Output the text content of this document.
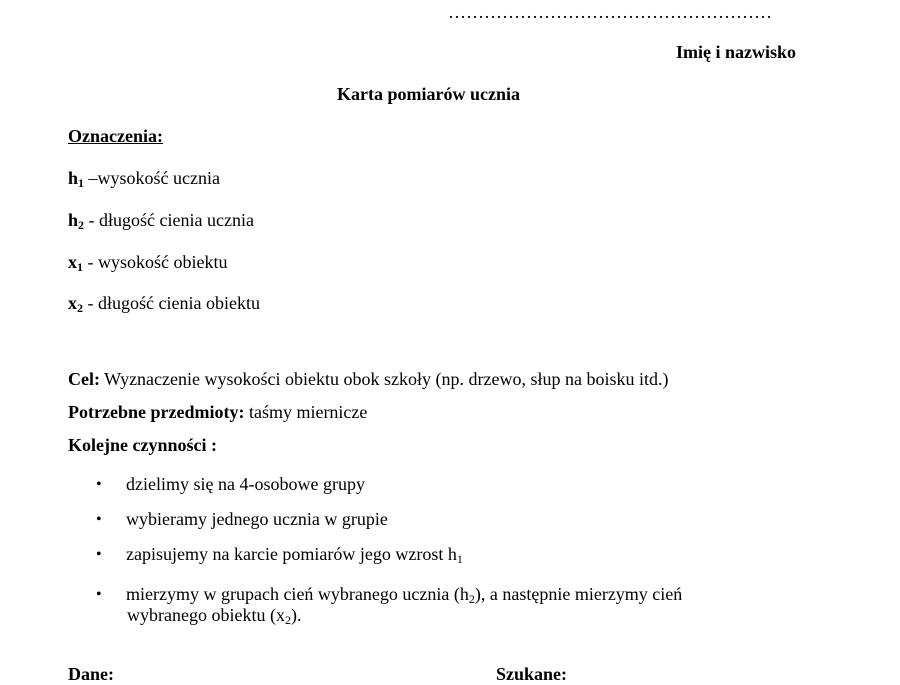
………………………………………………
Imię i nazwisko
Karta pomiarów ucznia
Oznaczenia:
$h_1$ –wysokość ucznia
$h_2$ - długość cienia ucznia
$x_1$ - wysokość obiektu
$x_2$ - długość cienia obiektu
Cel: Wyznaczenie wysokości obiektu obok szkoły (np. drzewo, słup na boisku itd.)
Potrzebne przedmioty: taśmy miernicze
Kolejne czynności :
• dzielimy się na 4-osobowe grupy
• wybieramy jednego ucznia w grupie
• zapisujemy na karcie pomiarów jego wzrost $h_1$
• mierzymy w grupach cień wybranego ucznia $(h_2)$, a następnie mierzymy cień
wybranego obiektu $(x_2)$.
Dane:	Szukane:
